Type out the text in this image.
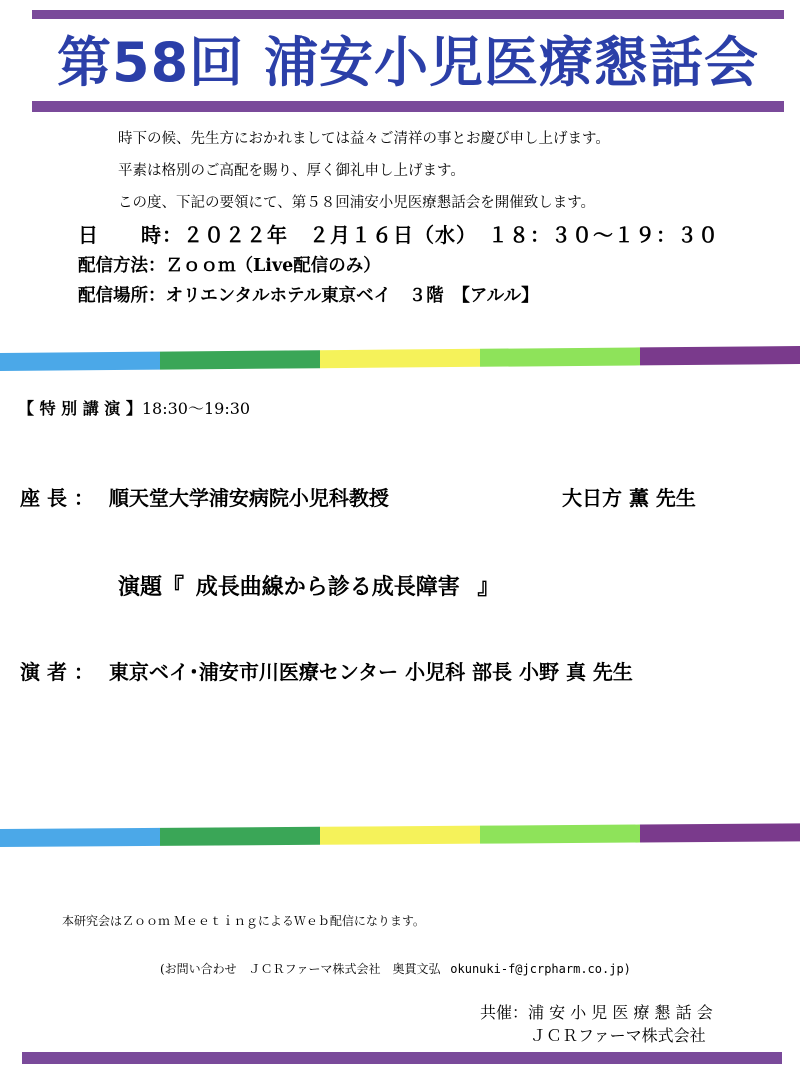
第58回 浦安小児医療懇話会
時下の候、先生方におかれましては益々ご清祥の事とお慶び申し上げます。
平素は格別のご高配を賜り、厚く御礼申し上げます。
この度、下記の要領にて、第５８回浦安小児医療懇話会を開催致します。
日　　時：２０２２年　２月１６日（水）　１８：３０～１９：３０
配信方法：Ｚｏｏｍ（Live配信のみ）
配信場所：オリエンタルホテル東京ベイ　３階　【アルル】
【 特 別 講 演 】18:30～19:30
座 長 ： 順天堂大学浦安病院小児科教授	大日方 薫 先生
演題『 成長曲線から診る成長障害 』
演 者 ： 東京ベイ･浦安市川医療センター 小児科 部長 小野 真 先生
本研究会はＺｏｏｍ ＭｅｅｔｉｎｇによるＷｅｂ配信になります。
(お問い合わせ　ＪＣＲファーマ株式会社　奥貫文弘 okunuki-f@jcrpharm.co.jp)
共催：浦 安 小 児 医 療 懇 話 会
ＪＣＲファーマ株式会社
